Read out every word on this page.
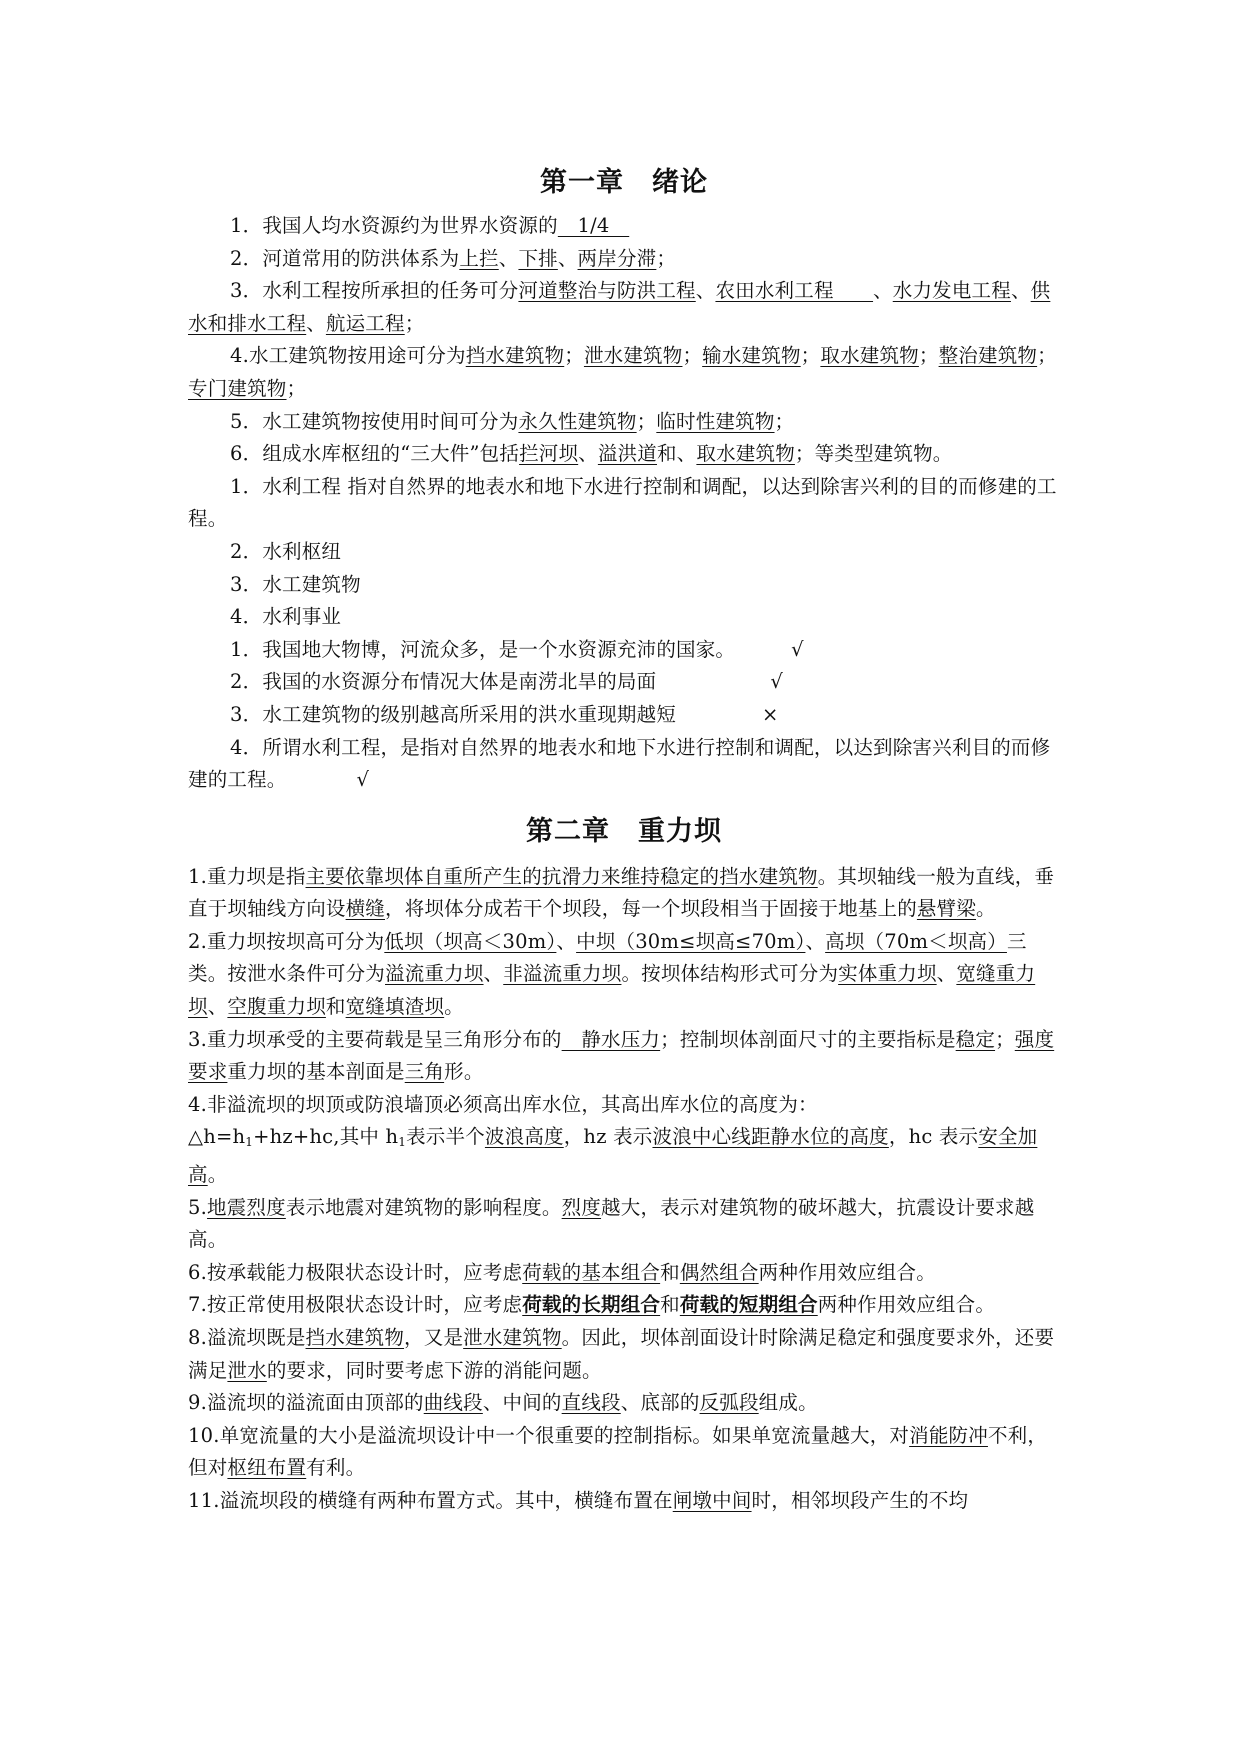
第一章　绪论

1．我国人均水资源约为世界水资源的　1/4　

2．河道常用的防洪体系为上拦、下排、两岸分滞；

3．水利工程按所承担的任务可分河道整治与防洪工程、农田水利工程　　、水力发电工程、供水和排水工程、航运工程；

4.水工建筑物按用途可分为挡水建筑物；泄水建筑物；输水建筑物；取水建筑物；整治建筑物；专门建筑物；

5．水工建筑物按使用时间可分为永久性建筑物；临时性建筑物；

6．组成水库枢纽的“三大件”包括拦河坝、溢洪道和、取水建筑物；等类型建筑物。

1．水利工程 指对自然界的地表水和地下水进行控制和调配，以达到除害兴利的目的而修建的工程。

2．水利枢纽

3．水工建筑物

4．水利事业

1．我国地大物博，河流众多，是一个水资源充沛的国家。	√

2．我国的水资源分布情况大体是南涝北旱的局面	√

3．水工建筑物的级别越高所采用的洪水重现期越短	×

4．所谓水利工程，是指对自然界的地表水和地下水进行控制和调配，以达到除害兴利目的而修建的工程。	√

第二章　重力坝

1.重力坝是指主要依靠坝体自重所产生的抗滑力来维持稳定的挡水建筑物。其坝轴线一般为直线，垂直于坝轴线方向设横缝，将坝体分成若干个坝段，每一个坝段相当于固接于地基上的悬臂梁。

2.重力坝按坝高可分为低坝（坝高＜30m）、中坝（30m≤坝高≤70m）、高坝（70m＜坝高）三类。按泄水条件可分为溢流重力坝、非溢流重力坝。按坝体结构形式可分为实体重力坝、宽缝重力坝、空腹重力坝和宽缝填渣坝。

3.重力坝承受的主要荷载是呈三角形分布的　静水压力；控制坝体剖面尺寸的主要指标是稳定；强度要求重力坝的基本剖面是三角形。

4.非溢流坝的坝顶或防浪墙顶必须高出库水位，其高出库水位的高度为：
$\triangle h=h_1+hz+hc$,其中 $h_1$表示半个波浪高度，hz 表示波浪中心线距静水位的高度，hc 表示安全加高。

5.地震烈度表示地震对建筑物的影响程度。烈度越大，表示对建筑物的破坏越大，抗震设计要求越高。

6.按承载能力极限状态设计时，应考虑荷载的基本组合和偶然组合两种作用效应组合。

7.按正常使用极限状态设计时，应考虑荷载的长期组合和荷载的短期组合两种作用效应组合。

8.溢流坝既是挡水建筑物，又是泄水建筑物。因此，坝体剖面设计时除满足稳定和强度要求外，还要满足泄水的要求，同时要考虑下游的消能问题。

9.溢流坝的溢流面由顶部的曲线段、中间的直线段、底部的反弧段组成。

10.单宽流量的大小是溢流坝设计中一个很重要的控制指标。如果单宽流量越大，对消能防冲不利，但对枢纽布置有利。

11.溢流坝段的横缝有两种布置方式。其中，横缝布置在闸墩中间时，相邻坝段产生的不均
